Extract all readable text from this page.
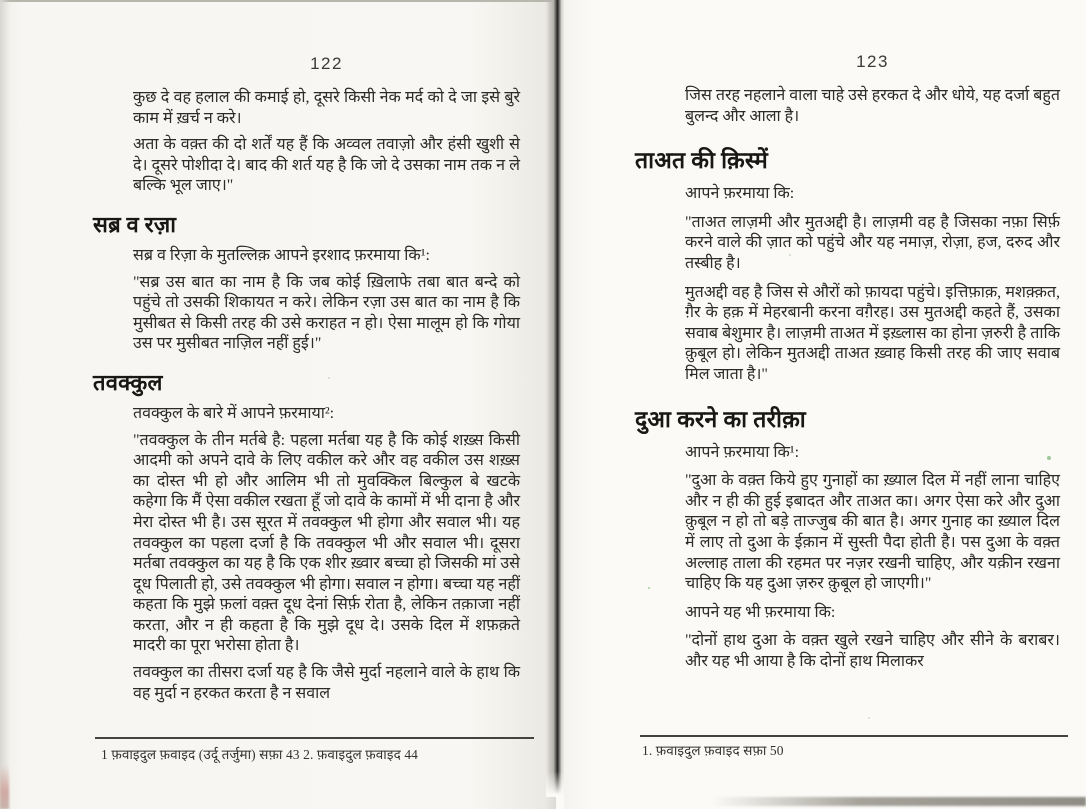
122

कुछ दे वह हलाल की कमाई हो, दूसरे किसी नेक मर्द को दे जा इसे बुरे काम में ख़र्च न करे।

अता के वक़्त की दो शर्तें यह हैं कि अव्वल तवाज़ो और हंसी खुशी से दे। दूसरे पोशीदा दे। बाद की शर्त यह है कि जो दे उसका नाम तक न ले बल्कि भूल जाए।"

सब्र व रज़ा

सब्र व रिज़ा के मुतल्लिक़ आपने इरशाद फ़रमाया कि¹:

"सब्र उस बात का नाम है कि जब कोई ख़िलाफे तबा बात बन्दे को पहुंचे तो उसकी शिकायत न करे। लेकिन रज़ा उस बात का नाम है कि मुसीबत से किसी तरह की उसे कराहत न हो। ऐसा मालूम हो कि गोया उस पर मुसीबत नाज़िल नहीं हुई।"

तवक्कुल

तवक्कुल के बारे में आपने फ़रमाया²:

"तवक्कुल के तीन मर्तबे है: पहला मर्तबा यह है कि कोई शख़्स किसी आदमी को अपने दावे के लिए वकील करे और वह वकील उस शख़्स का दोस्त भी हो और आलिम भी तो मुवक्किल बिल्कुल बे खटके कहेगा कि मैं ऐसा वकील रखता हूँ जो दावे के कामों में भी दाना है और मेरा दोस्त भी है। उस सूरत में तवक्कुल भी होगा और सवाल भी। यह तवक्कुल का पहला दर्जा है कि तवक्कुल भी और सवाल भी। दूसरा मर्तबा तवक्कुल का यह है कि एक शीर ख़्वार बच्चा हो जिसकी मां उसे दूध पिलाती हो, उसे तवक्कुल भी होगा। सवाल न होगा। बच्चा यह नहीं कहता कि मुझे फ़लां वक़्त दूध देनां सिर्फ़ रोता है, लेकिन तक़ाजा नहीं करता, और न ही कहता है कि मुझे दूध दे। उसके दिल में शफ़क़ते मादरी का पूरा भरोसा होता है।

तवक्कुल का तीसरा दर्जा यह है कि जैसे मुर्दा नहलाने वाले के हाथ कि वह मुर्दा न हरकत करता है न सवाल

1 फ़वाइदुल फ़वाइद (उर्दू तर्जुमा) सफ़ा 43 2. फ़वाइदुल फ़वाइद 44
123

जिस तरह नहलाने वाला चाहे उसे हरकत दे और धोये, यह दर्जा बहुत बुलन्द और आला है।

ताअत की क़िस्में

आपने फ़रमाया कि:

"ताअत लाज़मी और मुतअद्दी है। लाज़मी वह है जिसका नफ़ा सिर्फ़ करने वाले की ज़ात को पहुंचे और यह नमाज़, रोज़ा, हज, दरुद और तस्बीह है।

मुतअद्दी वह है जिस से औरों को फ़ायदा पहुंचे। इत्तिफ़ाक़, मशक़्क़त, ग़ैर के हक़ में मेहरबानी करना वग़ैरह। उस मुतअद्दी कहते हैं, उसका सवाब बेशुमार है। लाज़मी ताअत में इख़्लास का होना ज़रुरी है ताकि क़ुबूल हो। लेकिन मुतअद्दी ताअत ख़्वाह किसी तरह की जाए सवाब मिल जाता है।"

दुआ करने का तरीक़ा

आपने फ़रमाया कि¹:

"दुआ के वक़्त किये हुए गुनाहों का ख़्याल दिल में नहीं लाना चाहिए और न ही की हुई इबादत और ताअत का। अगर ऐसा करे और दुआ क़ुबूल न हो तो बड़े ताज्जुब की बात है। अगर गुनाह का ख़्याल दिल में लाए तो दुआ के ईक़ान में सुस्ती पैदा होती है। पस दुआ के वक़्त अल्लाह ताला की रहमत पर नज़र रखनी चाहिए, और यक़ीन रखना चाहिए कि यह दुआ ज़रुर क़ुबूल हो जाएगी।"

आपने यह भी फ़रमाया कि:

"दोनों हाथ दुआ के वक़्त खुले रखने चाहिए और सीने के बराबर। और यह भी आया है कि दोनों हाथ मिलाकर

1. फ़वाइदुल फ़वाइद सफ़ा 50
